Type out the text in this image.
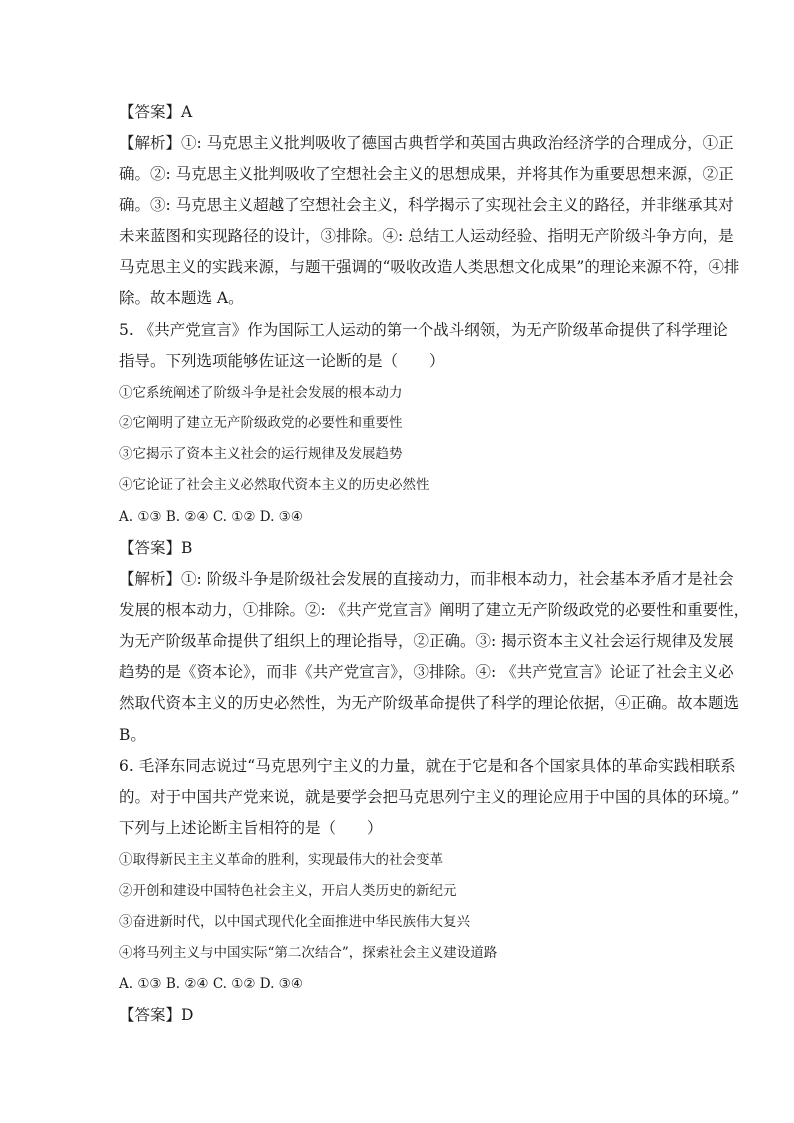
【答案】A
【解析】①: 马克思主义批判吸收了德国古典哲学和英国古典政治经济学的合理成分，①正
确。②: 马克思主义批判吸收了空想社会主义的思想成果，并将其作为重要思想来源，②正
确。③: 马克思主义超越了空想社会主义，科学揭示了实现社会主义的路径，并非继承其对
未来蓝图和实现路径的设计，③排除。④: 总结工人运动经验、指明无产阶级斗争方向，是
马克思主义的实践来源，与题干强调的“吸收改造人类思想文化成果”的理论来源不符，④排
除。故本题选 A。
5. 《共产党宣言》作为国际工人运动的第一个战斗纲领，为无产阶级革命提供了科学理论
指导。下列选项能够佐证这一论断的是（　　）
①它系统阐述了阶级斗争是社会发展的根本动力
②它阐明了建立无产阶级政党的必要性和重要性
③它揭示了资本主义社会的运行规律及发展趋势
④它论证了社会主义必然取代资本主义的历史必然性
A. ①③ B. ②④ C. ①② D. ③④
【答案】B
【解析】①: 阶级斗争是阶级社会发展的直接动力，而非根本动力，社会基本矛盾才是社会
发展的根本动力，①排除。②: 《共产党宣言》阐明了建立无产阶级政党的必要性和重要性，
为无产阶级革命提供了组织上的理论指导，②正确。③: 揭示资本主义社会运行规律及发展
趋势的是《资本论》，而非《共产党宣言》，③排除。④: 《共产党宣言》论证了社会主义必
然取代资本主义的历史必然性，为无产阶级革命提供了科学的理论依据，④正确。故本题选
B。
6. 毛泽东同志说过“马克思列宁主义的力量，就在于它是和各个国家具体的革命实践相联系
的。对于中国共产党来说，就是要学会把马克思列宁主义的理论应用于中国的具体的环境。”
下列与上述论断主旨相符的是（　　）
①取得新民主主义革命的胜利，实现最伟大的社会变革
②开创和建设中国特色社会主义，开启人类历史的新纪元
③奋进新时代，以中国式现代化全面推进中华民族伟大复兴
④将马列主义与中国实际“第二次结合”，探索社会主义建设道路
A. ①③ B. ②④ C. ①② D. ③④
【答案】D
